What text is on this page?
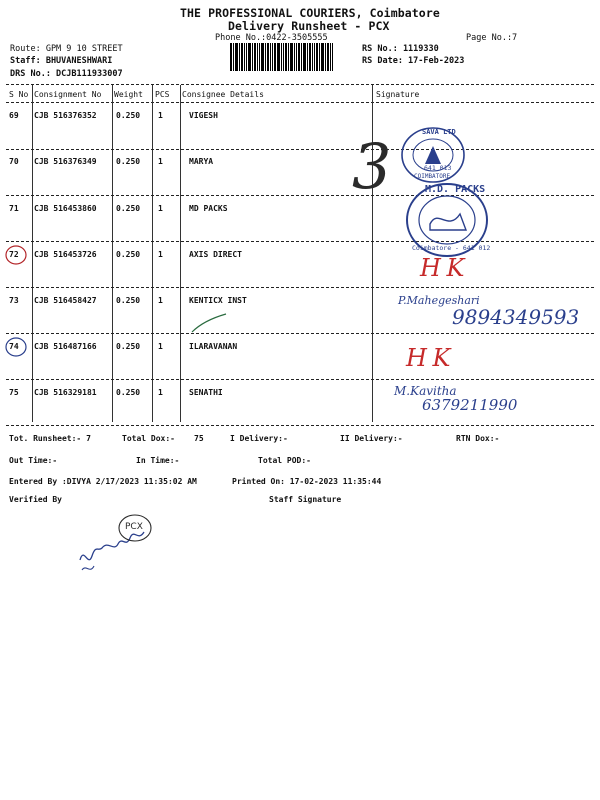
THE PROFESSIONAL COURIERS, Coimbatore
Delivery Runsheet - PCX
Phone No.:0422-3505555	Page No.:7
Route: GPM 9 10 STREET
Staff: BHUVANESHWARI
DRS No.: DCJB111933007
RS No.: 1119330
RS Date: 17-Feb-2023
S No Consignment No Weight PCS Consignee Details	Signature
69 CJB 516376352 0.250 1	VIGESH
70 CJB 516376349 0.250 1	MARYA
71 CJB 516453860 0.250 1	MD PACKS
72 CJB 516453726 0.250 1	AXIS DIRECT
73 CJB 516458427 0.250 1	KENTICX INST
74 CJB 516487166 0.250 1	ILARAVANAN
75 CJB 516329181 0.250 1	SENATHI
3	SAVA LTD
641 013
COIMBATORE
M.D. PACKS
Coimbatore - 641 012
H K
P.Mahegeshari
9894349593
H K
M.Kavitha
6379211990
Tot. Runsheet:- 7	Total Dox:- 75	I Delivery:-	II Delivery:-	RTN Dox:-
Out Time:-	In Time:-	Total POD:-
Entered By :DIVYA 2/17/2023 11:35:02 AM	Printed On: 17-02-2023 11:35:44
Verified By	Staff Signature
PCX
